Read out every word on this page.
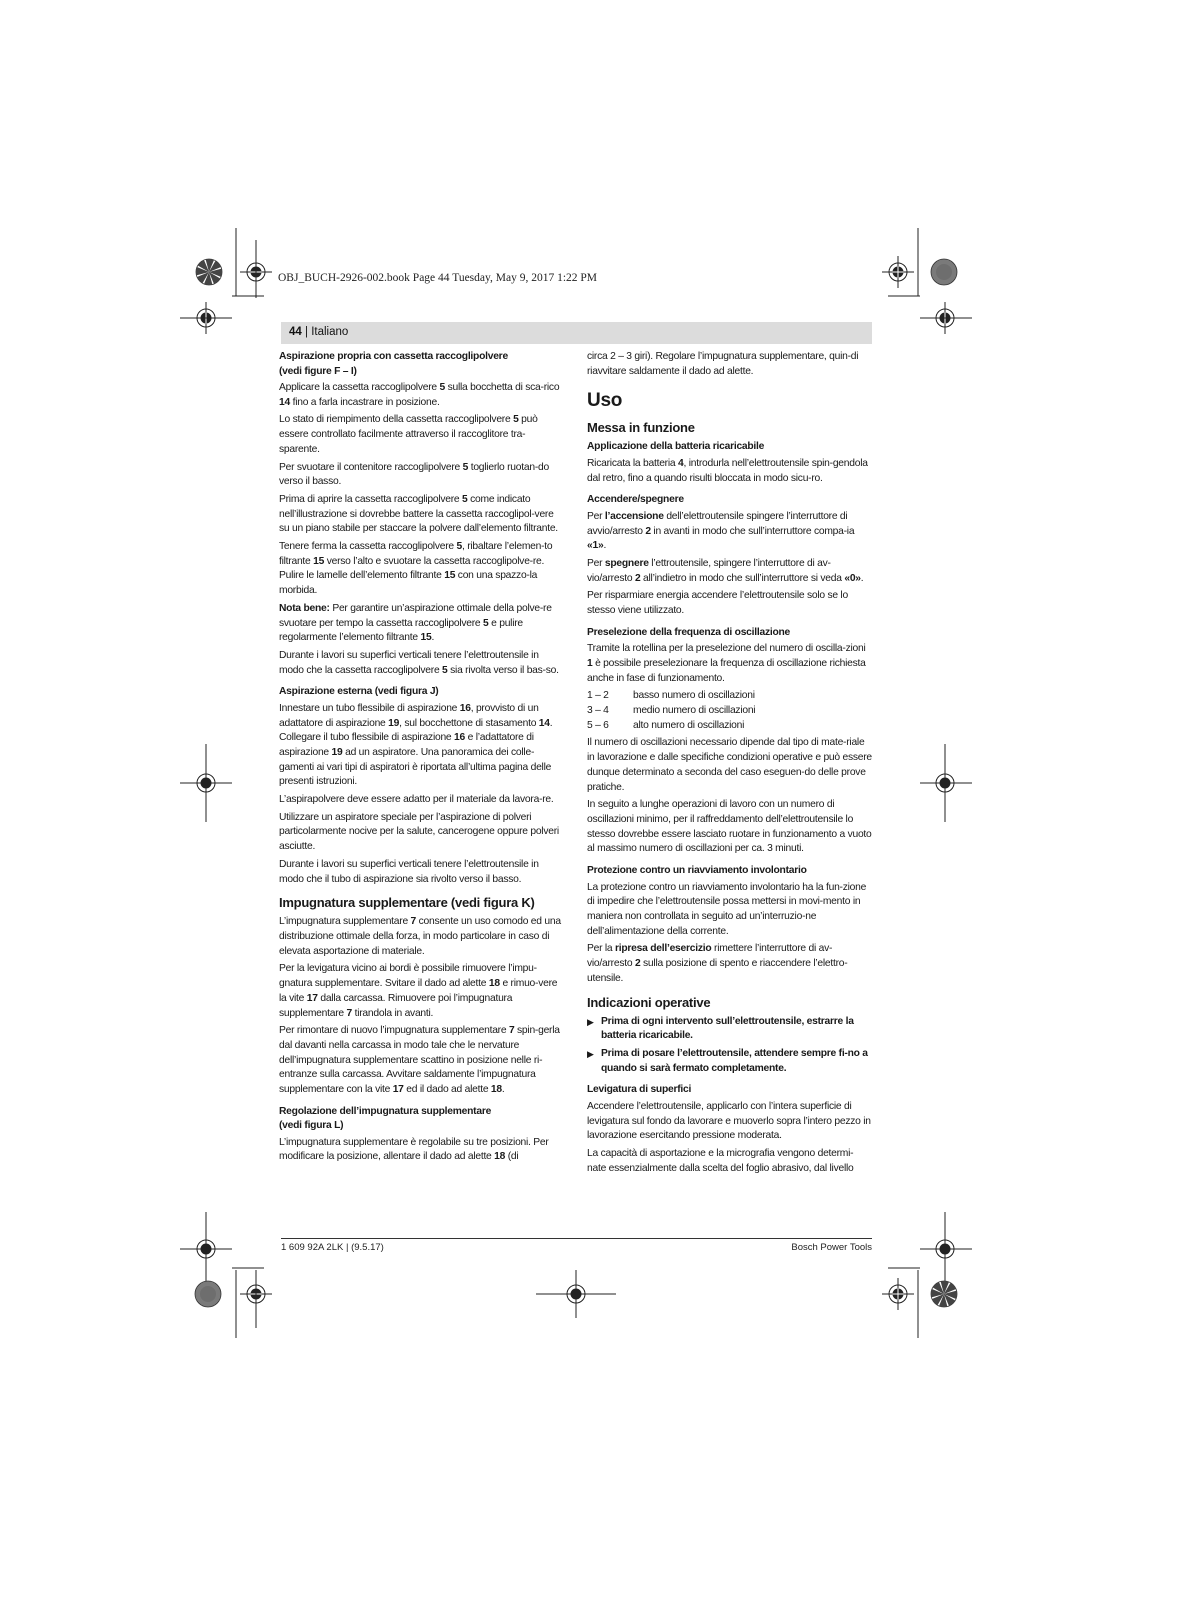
OBJ_BUCH-2926-002.book Page 44 Tuesday, May 9, 2017 1:22 PM
44 | Italiano
Aspirazione propria con cassetta raccoglipolvere
(vedi figure F – I)

Applicare la cassetta raccoglipolvere 5 sulla bocchetta di sca-rico 14 fino a farla incastrare in posizione.

Lo stato di riempimento della cassetta raccoglipolvere 5 può essere controllato facilmente attraverso il raccoglitore tra-sparente.

Per svuotare il contenitore raccoglipolvere 5 toglierlo ruotan-do verso il basso.

Prima di aprire la cassetta raccoglipolvere 5 come indicato nell’illustrazione si dovrebbe battere la cassetta raccoglipol-vere su un piano stabile per staccare la polvere dall’elemento filtrante.

Tenere ferma la cassetta raccoglipolvere 5, ribaltare l’elemen-to filtrante 15 verso l’alto e svuotare la cassetta raccoglipolve-re. Pulire le lamelle dell’elemento filtrante 15 con una spazzo-la morbida.

Nota bene: Per garantire un’aspirazione ottimale della polve-re svuotare per tempo la cassetta raccoglipolvere 5 e pulire regolarmente l’elemento filtrante 15.

Durante i lavori su superfici verticali tenere l’elettroutensile in modo che la cassetta raccoglipolvere 5 sia rivolta verso il bas-so.

Aspirazione esterna (vedi figura J)

Innestare un tubo flessibile di aspirazione 16, provvisto di un adattatore di aspirazione 19, sul bocchettone di stasamento 14. Collegare il tubo flessibile di aspirazione 16 e l’adattatore di aspirazione 19 ad un aspiratore. Una panoramica dei colle-gamenti ai vari tipi di aspiratori è riportata all’ultima pagina delle presenti istruzioni.

L’aspirapolvere deve essere adatto per il materiale da lavora-re.

Utilizzare un aspiratore speciale per l’aspirazione di polveri particolarmente nocive per la salute, cancerogene oppure polveri asciutte.

Durante i lavori su superfici verticali tenere l’elettroutensile in modo che il tubo di aspirazione sia rivolto verso il basso.

Impugnatura supplementare (vedi figura K)

L’impugnatura supplementare 7 consente un uso comodo ed una distribuzione ottimale della forza, in modo particolare in caso di elevata asportazione di materiale.

Per la levigatura vicino ai bordi è possibile rimuovere l’impu-gnatura supplementare. Svitare il dado ad alette 18 e rimuo-vere la vite 17 dalla carcassa. Rimuovere poi l’impugnatura supplementare 7 tirandola in avanti.

Per rimontare di nuovo l’impugnatura supplementare 7 spin-gerla dal davanti nella carcassa in modo tale che le nervature dell’impugnatura supplementare scattino in posizione nelle ri-entranze sulla carcassa. Avvitare saldamente l’impugnatura supplementare con la vite 17 ed il dado ad alette 18.

Regolazione dell’impugnatura supplementare
(vedi figura L)

L’impugnatura supplementare è regolabile su tre posizioni. Per modificare la posizione, allentare il dado ad alette 18 (di

circa 2 – 3 giri). Regolare l’impugnatura supplementare, quin-di riavvitare saldamente il dado ad alette.

Uso
Messa in funzione
Applicazione della batteria ricaricabile

Ricaricata la batteria 4, introdurla nell’elettroutensile spin-gendola dal retro, fino a quando risulti bloccata in modo sicu-ro.

Accendere/spegnere

Per l’accensione dell’elettroutensile spingere l’interruttore di avvio/arresto 2 in avanti in modo che sull’interruttore compa-ia «1».

Per spegnere l’ettroutensile, spingere l’interruttore di av-vio/arresto 2 all’indietro in modo che sull’interruttore si veda «0».

Per risparmiare energia accendere l’elettroutensile solo se lo stesso viene utilizzato.

Preselezione della frequenza di oscillazione

Tramite la rotellina per la preselezione del numero di oscilla-zioni 1 è possibile preselezionare la frequenza di oscillazione richiesta anche in fase di funzionamento.

1 – 2	basso numero di oscillazioni
3 – 4	medio numero di oscillazioni
5 – 6	alto numero di oscillazioni

Il numero di oscillazioni necessario dipende dal tipo di mate-riale in lavorazione e dalle specifiche condizioni operative e può essere dunque determinato a seconda del caso eseguen-do delle prove pratiche.

In seguito a lunghe operazioni di lavoro con un numero di oscillazioni minimo, per il raffreddamento dell’elettroutensile lo stesso dovrebbe essere lasciato ruotare in funzionamento a vuoto al massimo numero di oscillazioni per ca. 3 minuti.

Protezione contro un riavviamento involontario

La protezione contro un riavviamento involontario ha la fun-zione di impedire che l’elettroutensile possa mettersi in movi-mento in maniera non controllata in seguito ad un’interruzio-ne dell’alimentazione della corrente.

Per la ripresa dell’esercizio rimettere l’interruttore di av-vio/arresto 2 sulla posizione di spento e riaccendere l’elettro-utensile.

Indicazioni operative
▶ Prima di ogni intervento sull’elettroutensile, estrarre la batteria ricaricabile.
▶ Prima di posare l’elettroutensile, attendere sempre fi-no a quando si sarà fermato completamente.
Levigatura di superfici

Accendere l’elettroutensile, applicarlo con l’intera superficie di levigatura sul fondo da lavorare e muoverlo sopra l’intero pezzo in lavorazione esercitando pressione moderata.

La capacità di asportazione e la micrografia vengono determi-nate essenzialmente dalla scelta del foglio abrasivo, dal livello

1 609 92A 2LK | (9.5.17)	Bosch Power Tools
